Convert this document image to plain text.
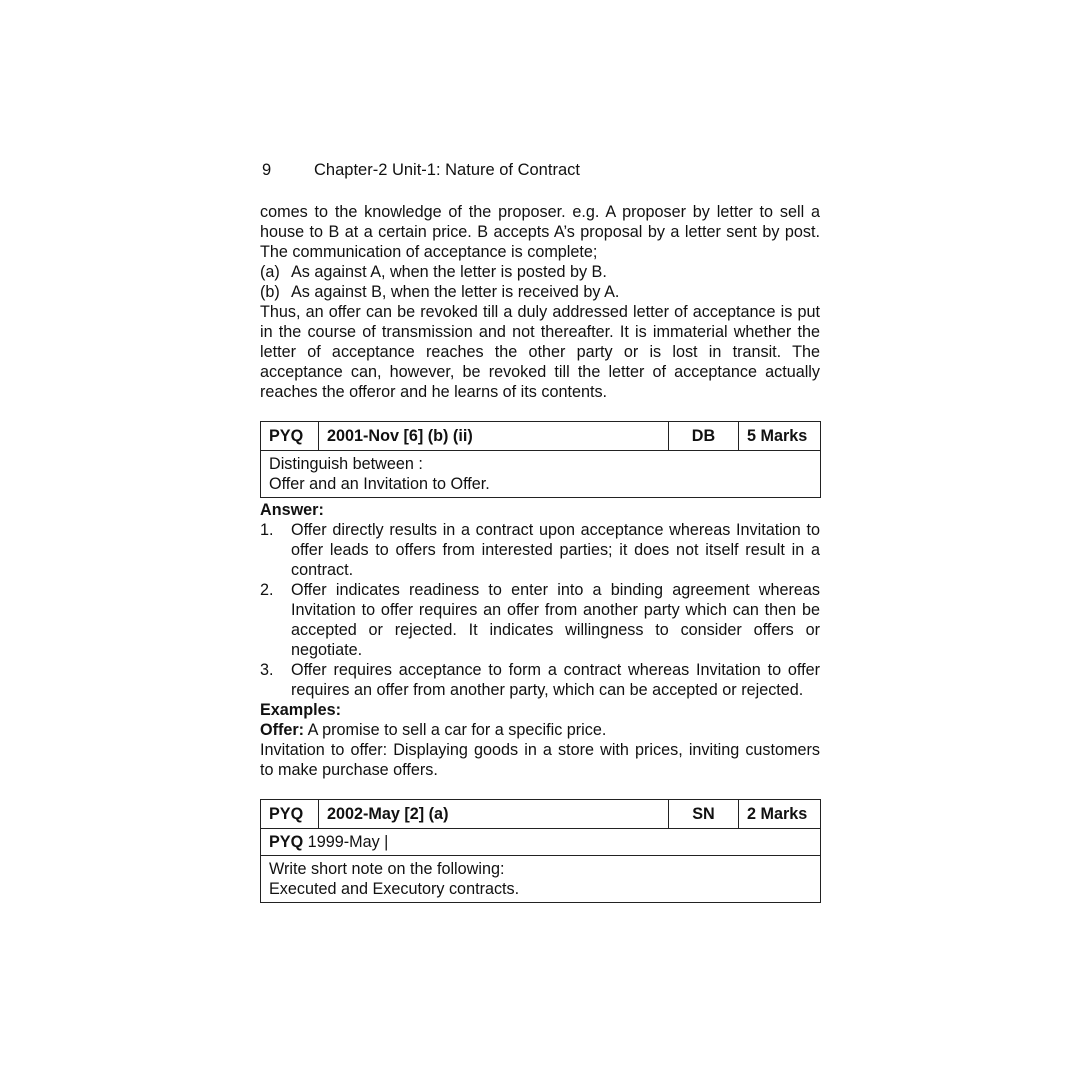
9	Chapter-2 Unit-1: Nature of Contract

comes to the knowledge of the proposer. e.g. A proposer by letter to sell a house to B at a certain price. B accepts A’s proposal by a letter sent by post. The communication of acceptance is complete;

(a) As against A, when the letter is posted by B.
(b) As against B, when the letter is received by A.

Thus, an offer can be revoked till a duly addressed letter of acceptance is put in the course of transmission and not thereafter. It is immaterial whether the letter of acceptance reaches the other party or is lost in transit. The acceptance can, however, be revoked till the letter of acceptance actually reaches the offeror and he learns of its contents.

PYQ	2001-Nov [6] (b) (ii)	DB	5 Marks

Distinguish between :
Offer and an Invitation to Offer.
Answer:
1.	Offer directly results in a contract upon acceptance whereas Invitation to offer leads to offers from interested parties; it does not itself result in a contract.
2.	Offer indicates readiness to enter into a binding agreement whereas Invitation to offer requires an offer from another party which can then be accepted or rejected. It indicates willingness to consider offers or negotiate.
3.	Offer requires acceptance to form a contract whereas Invitation to offer requires an offer from another party, which can be accepted or rejected.
Examples:

Offer: A promise to sell a car for a specific price.

Invitation to offer: Displaying goods in a store with prices, inviting customers to make purchase offers.

PYQ	2002-May [2] (a)	SN	2 Marks
PYQ 1999-May |

Write short note on the following:
Executed and Executory contracts.
